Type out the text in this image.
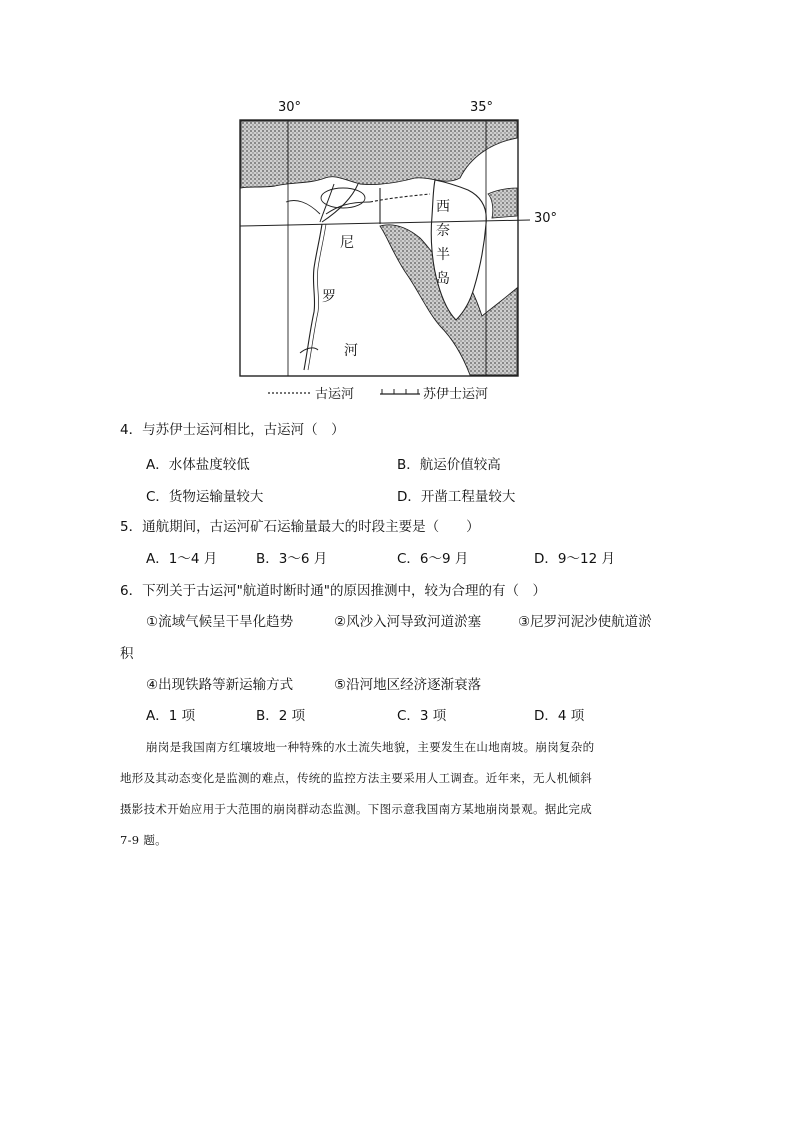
30°	35°
30°
西
奈
半
岛
尼
罗
河
古运河	苏伊士运河
4．与苏伊士运河相比，古运河（　）
A．水体盐度较低	B．航运价值较高
C．货物运输量较大	D．开凿工程量较大
5．通航期间，古运河矿石运输量最大的时段主要是（　　）
A．1～4 月	B．3～6 月	C．6～9 月	D．9～12 月
6．下列关于古运河"航道时断时通"的原因推测中，较为合理的有（　）
①流域气候呈干旱化趋势	②风沙入河导致河道淤塞	③尼罗河泥沙使航道淤
积
④出现铁路等新运输方式	⑤沿河地区经济逐渐衰落
A．1 项	B．2 项	C．3 项	D．4 项
崩岗是我国南方红壤坡地一种特殊的水土流失地貌，主要发生在山地南坡。崩岗复杂的
地形及其动态变化是监测的难点，传统的监控方法主要采用人工调查。近年来，无人机倾斜
摄影技术开始应用于大范围的崩岗群动态监测。下图示意我国南方某地崩岗景观。据此完成
7-9 题。
